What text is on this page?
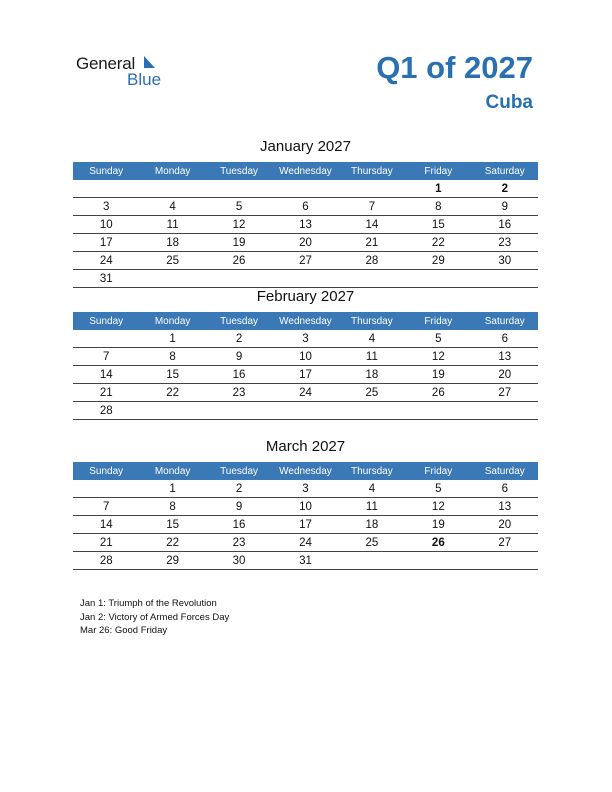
General
Blue	Q1 of 2027
Cuba
January 2027
Sunday	Monday	Tuesday	Wednesday	Thursday	Friday	Saturday
					1	2
3	4	5	6	7	8	9
10	11	12	13	14	15	16
17	18	19	20	21	22	23
24	25	26	27	28	29	30
31						
February 2027
Sunday	Monday	Tuesday	Wednesday	Thursday	Friday	Saturday
	1	2	3	4	5	6
7	8	9	10	11	12	13
14	15	16	17	18	19	20
21	22	23	24	25	26	27
28						
March 2027
Sunday	Monday	Tuesday	Wednesday	Thursday	Friday	Saturday
	1	2	3	4	5	6
7	8	9	10	11	12	13
14	15	16	17	18	19	20
21	22	23	24	25	26	27
28	29	30	31			
Jan 1: Triumph of the Revolution
Jan 2: Victory of Armed Forces Day
Mar 26: Good Friday
